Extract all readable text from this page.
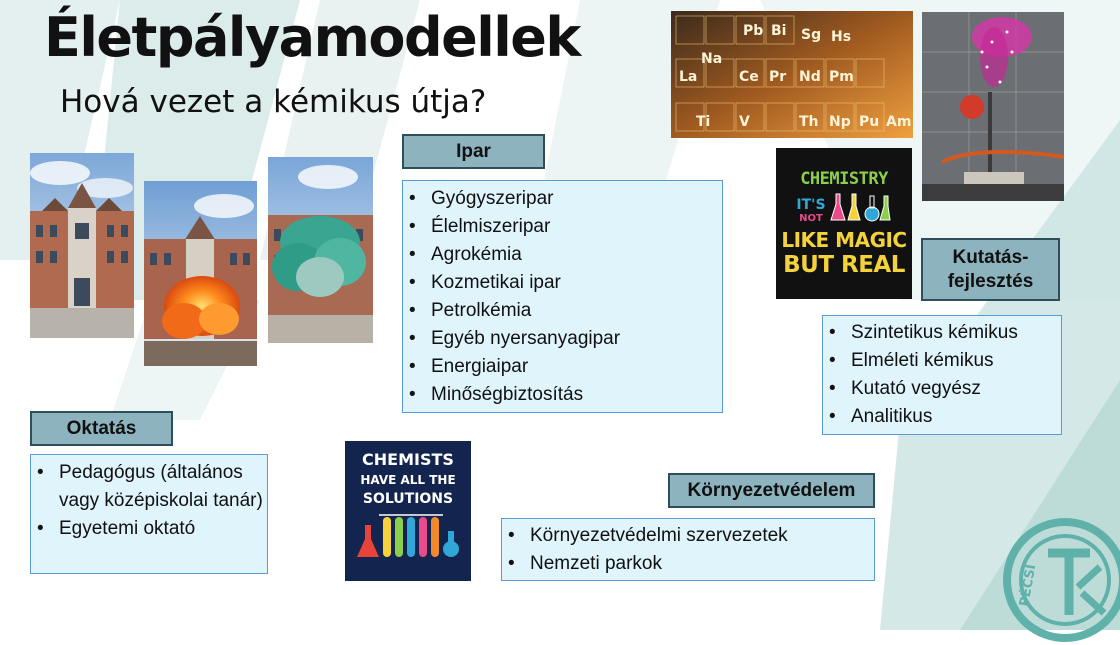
Életpályamodellek
Hová vezet a kémikus útja?
Pb Bi Sg Hs
Na
La	Ce Pr Nd Pm
Ti V	Np Pu Am
Th
CHEMISTRY
IT'S
NOT
LIKE MAGIC
BUT REAL
CHEMISTS
HAVE ALL THE
SOLUTIONS
Ipar
• Gyógyszeripar
• Élelmiszeripar
• Agrokémia
• Kozmetikai ipar
• Petrolkémia
• Egyéb nyersanyagipar
• Energiaipar
• Minőségbiztosítás
Kutatás-fejlesztés
• Szintetikus kémikus
• Elméleti kémikus
• Kutató vegyész
• Analitikus
Oktatás
• Pedagógus (általános vagy középiskolai tanár)
• Egyetemi oktató
Környezetvédelem
• Környezetvédelmi szervezetek
• Nemzeti parkok	PÉCSI
